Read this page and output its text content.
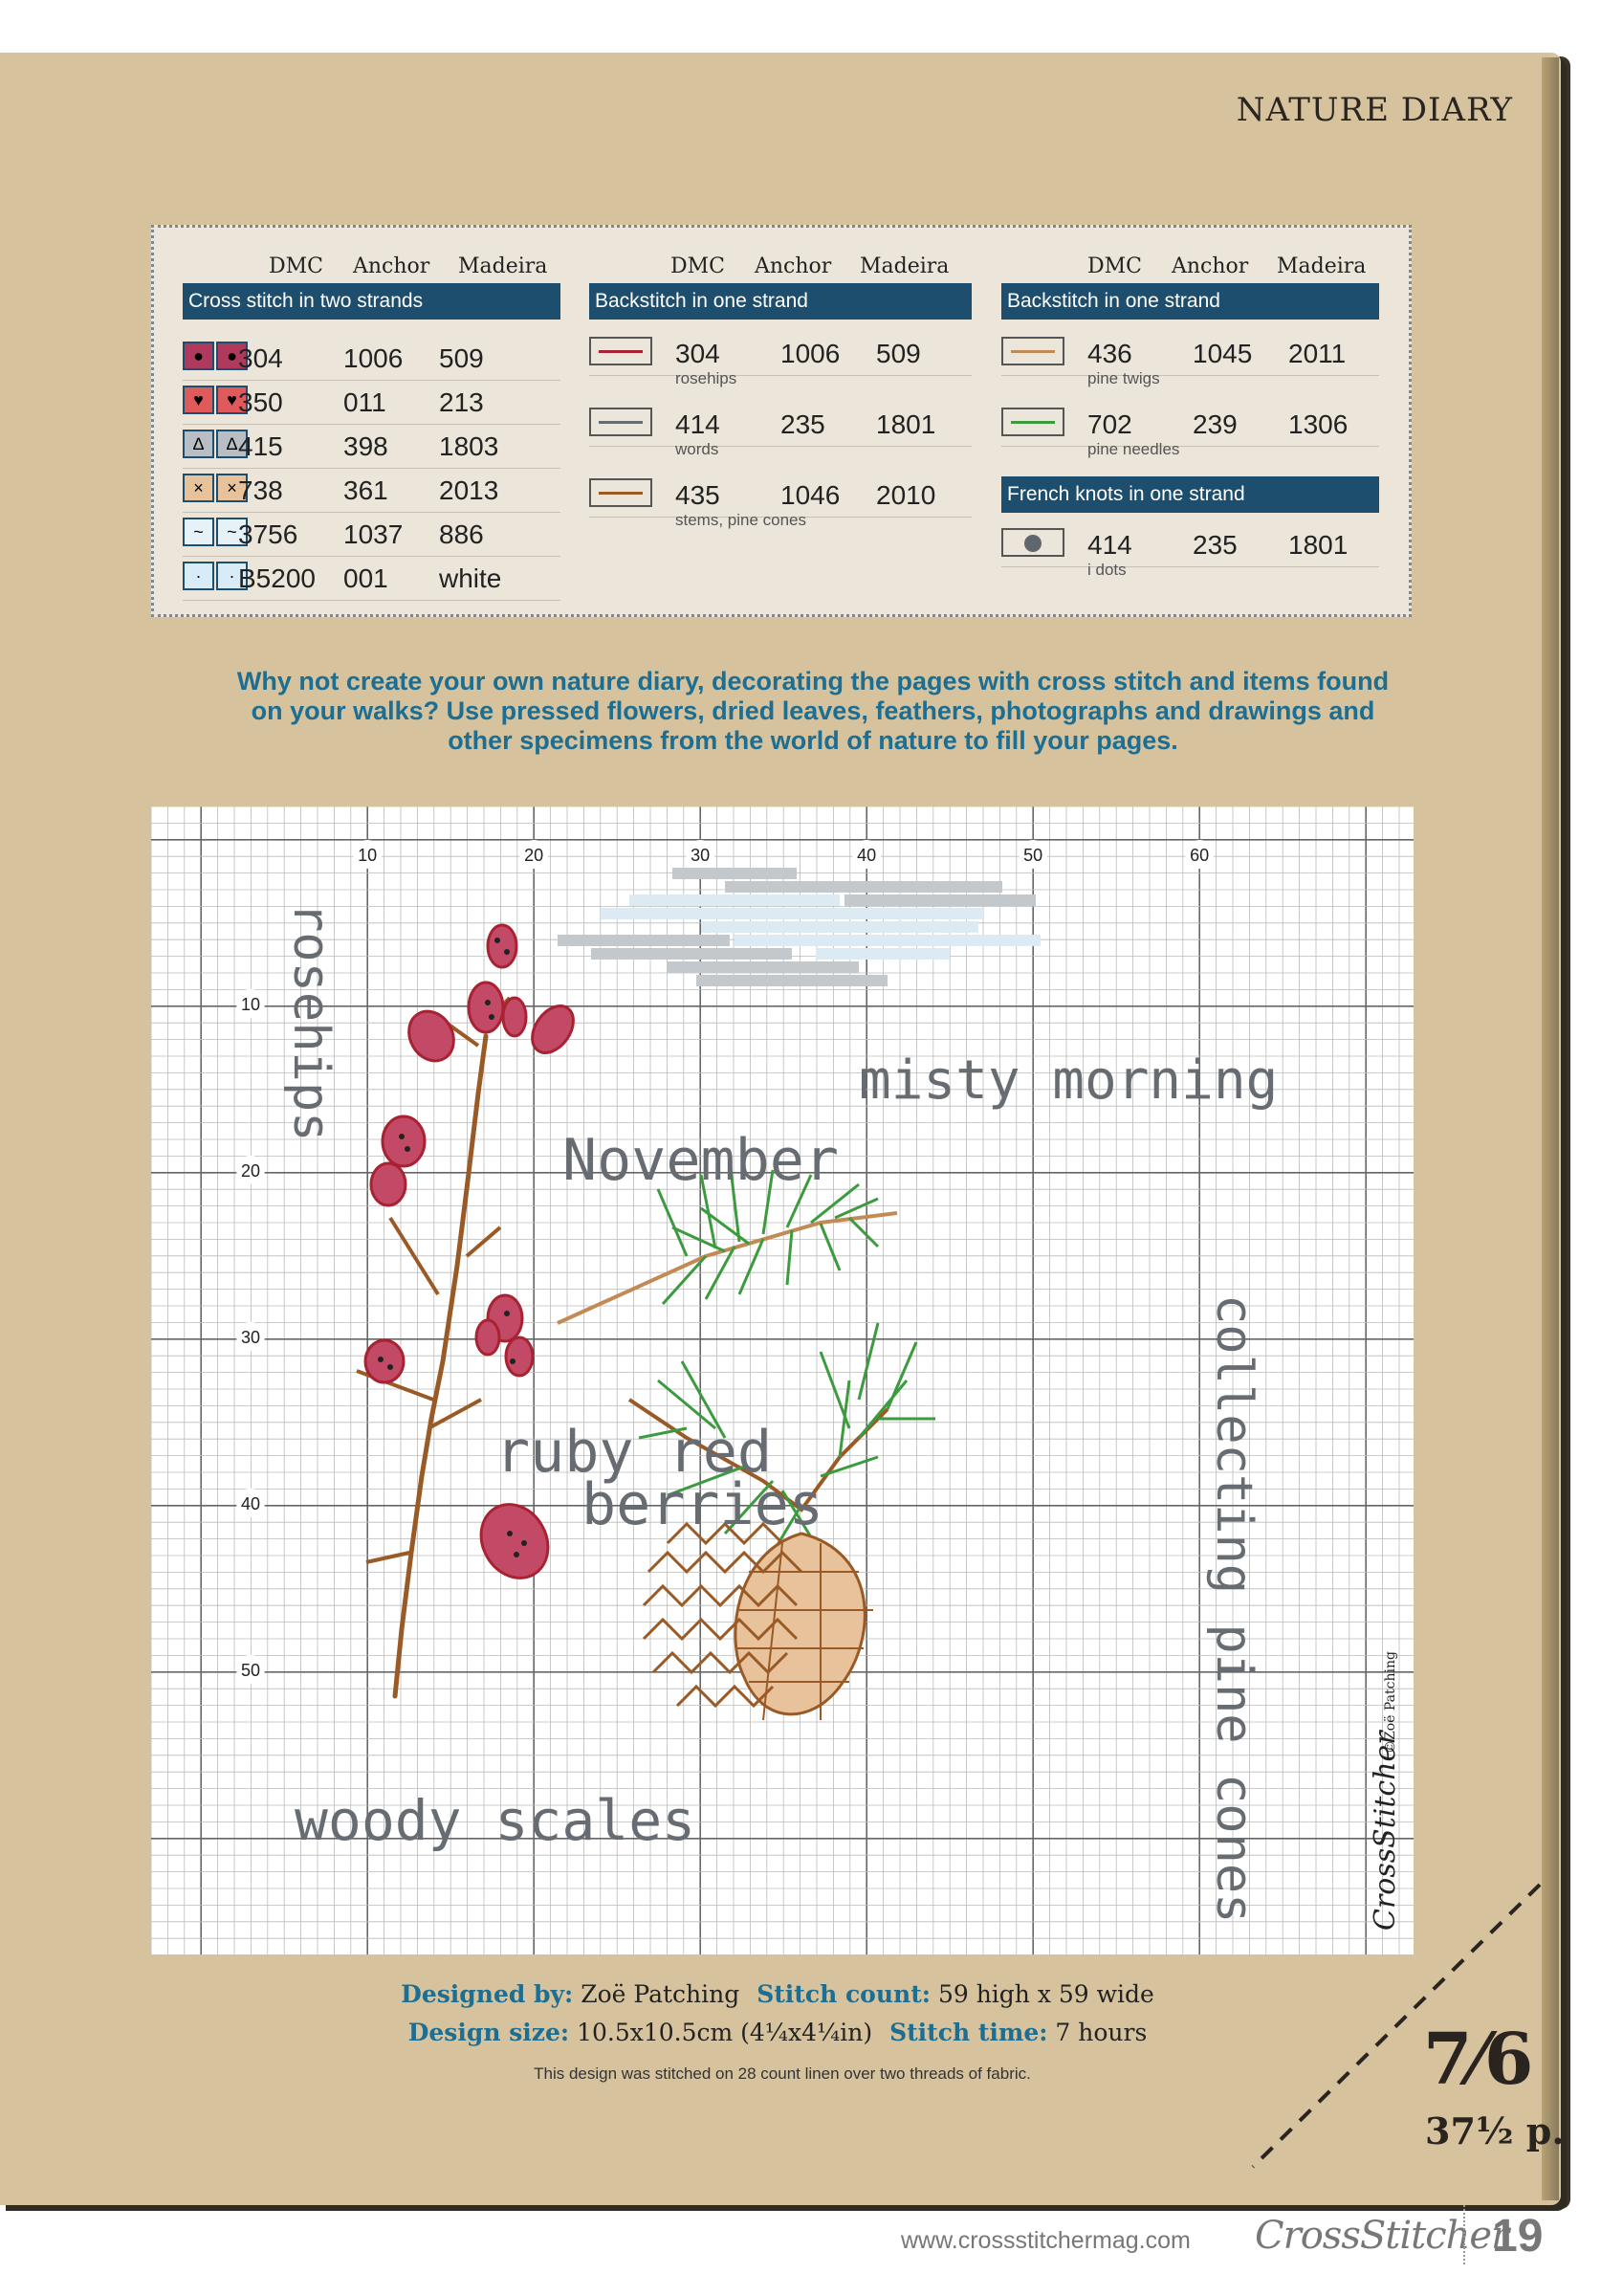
NATURE DIARY
DMC Anchor Madeira
Cross stitch in two strands
●	● 304 1006 509
♥	♥ 350 011 213
∆	∆ 415 398 1803
×	× 738 361 2013
~	~ 3756 1037 886
·	· B5200 001 white
DMC Anchor Madeira
Backstitch in one strand
304 1006 509
rosehips
414 235 1801
words
435 1046 2010
stems, pine cones
DMC Anchor Madeira
Backstitch in one strand
436 1045 2011
pine twigs
702 239 1306
pine needles
French knots in one strand
414 235 1801
i dots
Why not create your own nature diary, decorating the pages with cross stitch and items found on your walks? Use pressed flowers, dried leaves, feathers, photographs and drawings and other specimens from the world of nature to fill your pages.
10	20	30	40	50	60
10
20
30
40
50
rosehips
November
misty morning
ruby red
berries
woody scales	collecting pine cones	CrossStitcher
©Zoë Patching
Designed by: Zoë Patching Stitch count: 59 high x 59 wide
Design size: 10.5x10.5cm (4¼x4¼in) Stitch time: 7 hours
This design was stitched on 28 count linen over two threads of fabric.	7⁄6
37½ p.
www.crossstitchermag.com CrossStitcher
19
